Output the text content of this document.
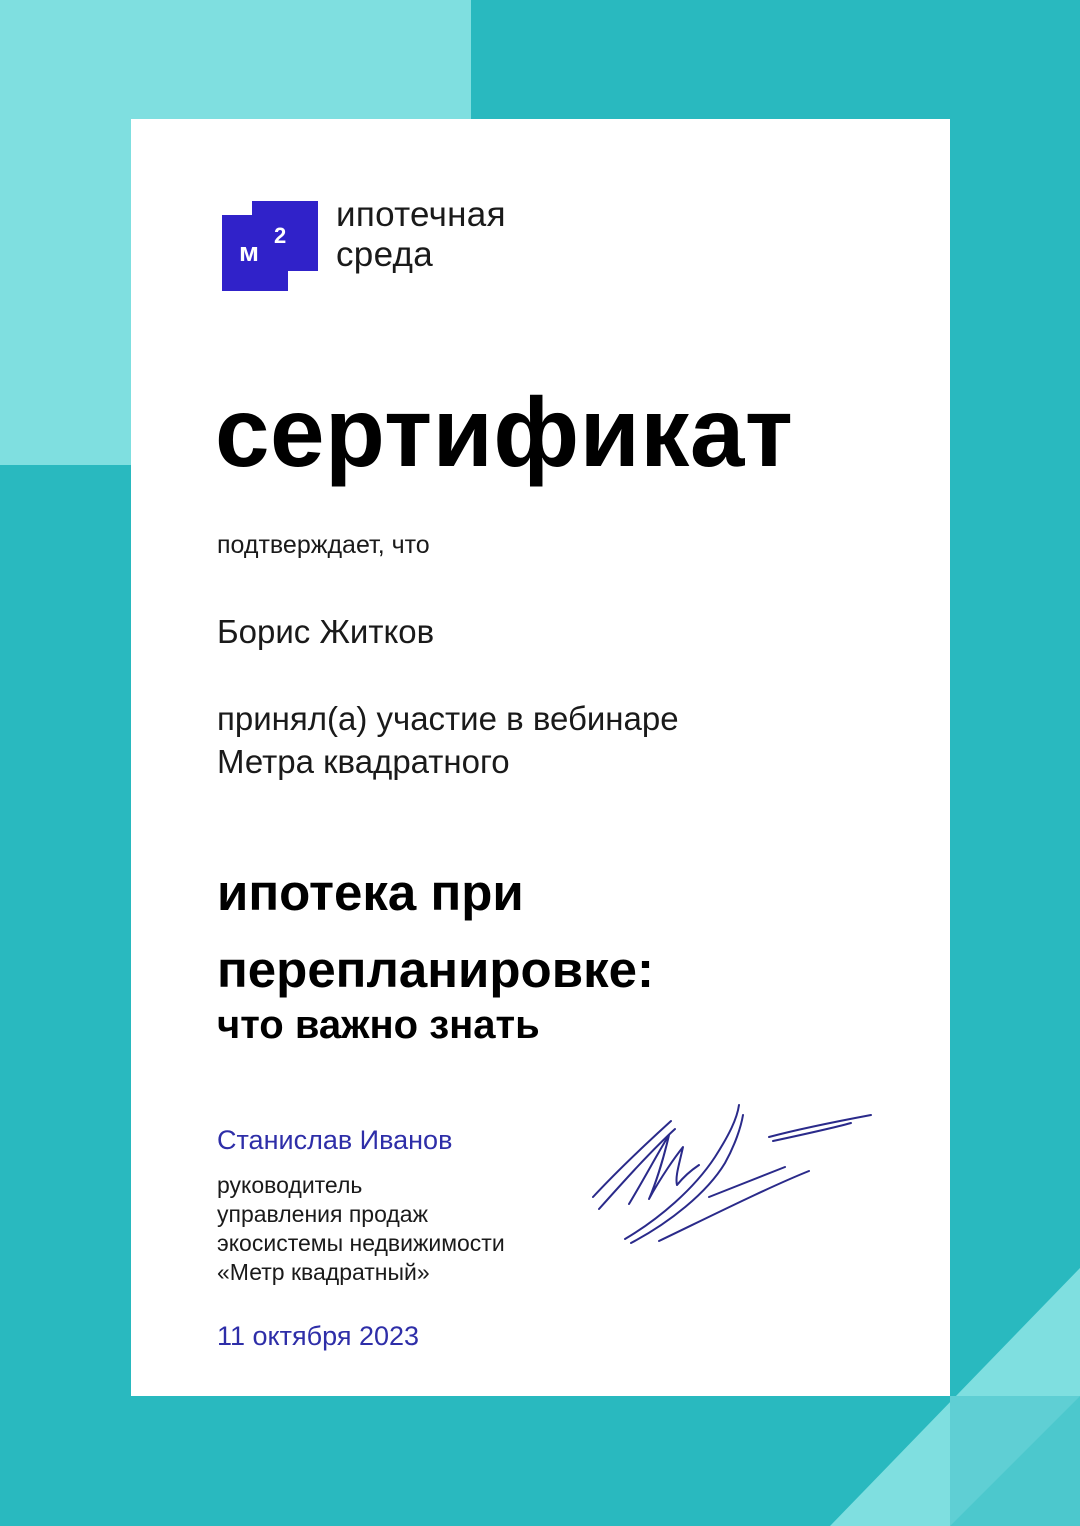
м
2
ипотечная
среда
сертификат
подтверждает, что
Борис Житков
принял(а) участие в вебинаре
Метра квадратного
ипотека при
перепланировке:
что важно знать
Станислав Иванов
руководитель
управления продаж
экосистемы недвижимости
«Метр квадратный»
11 октября 2023
